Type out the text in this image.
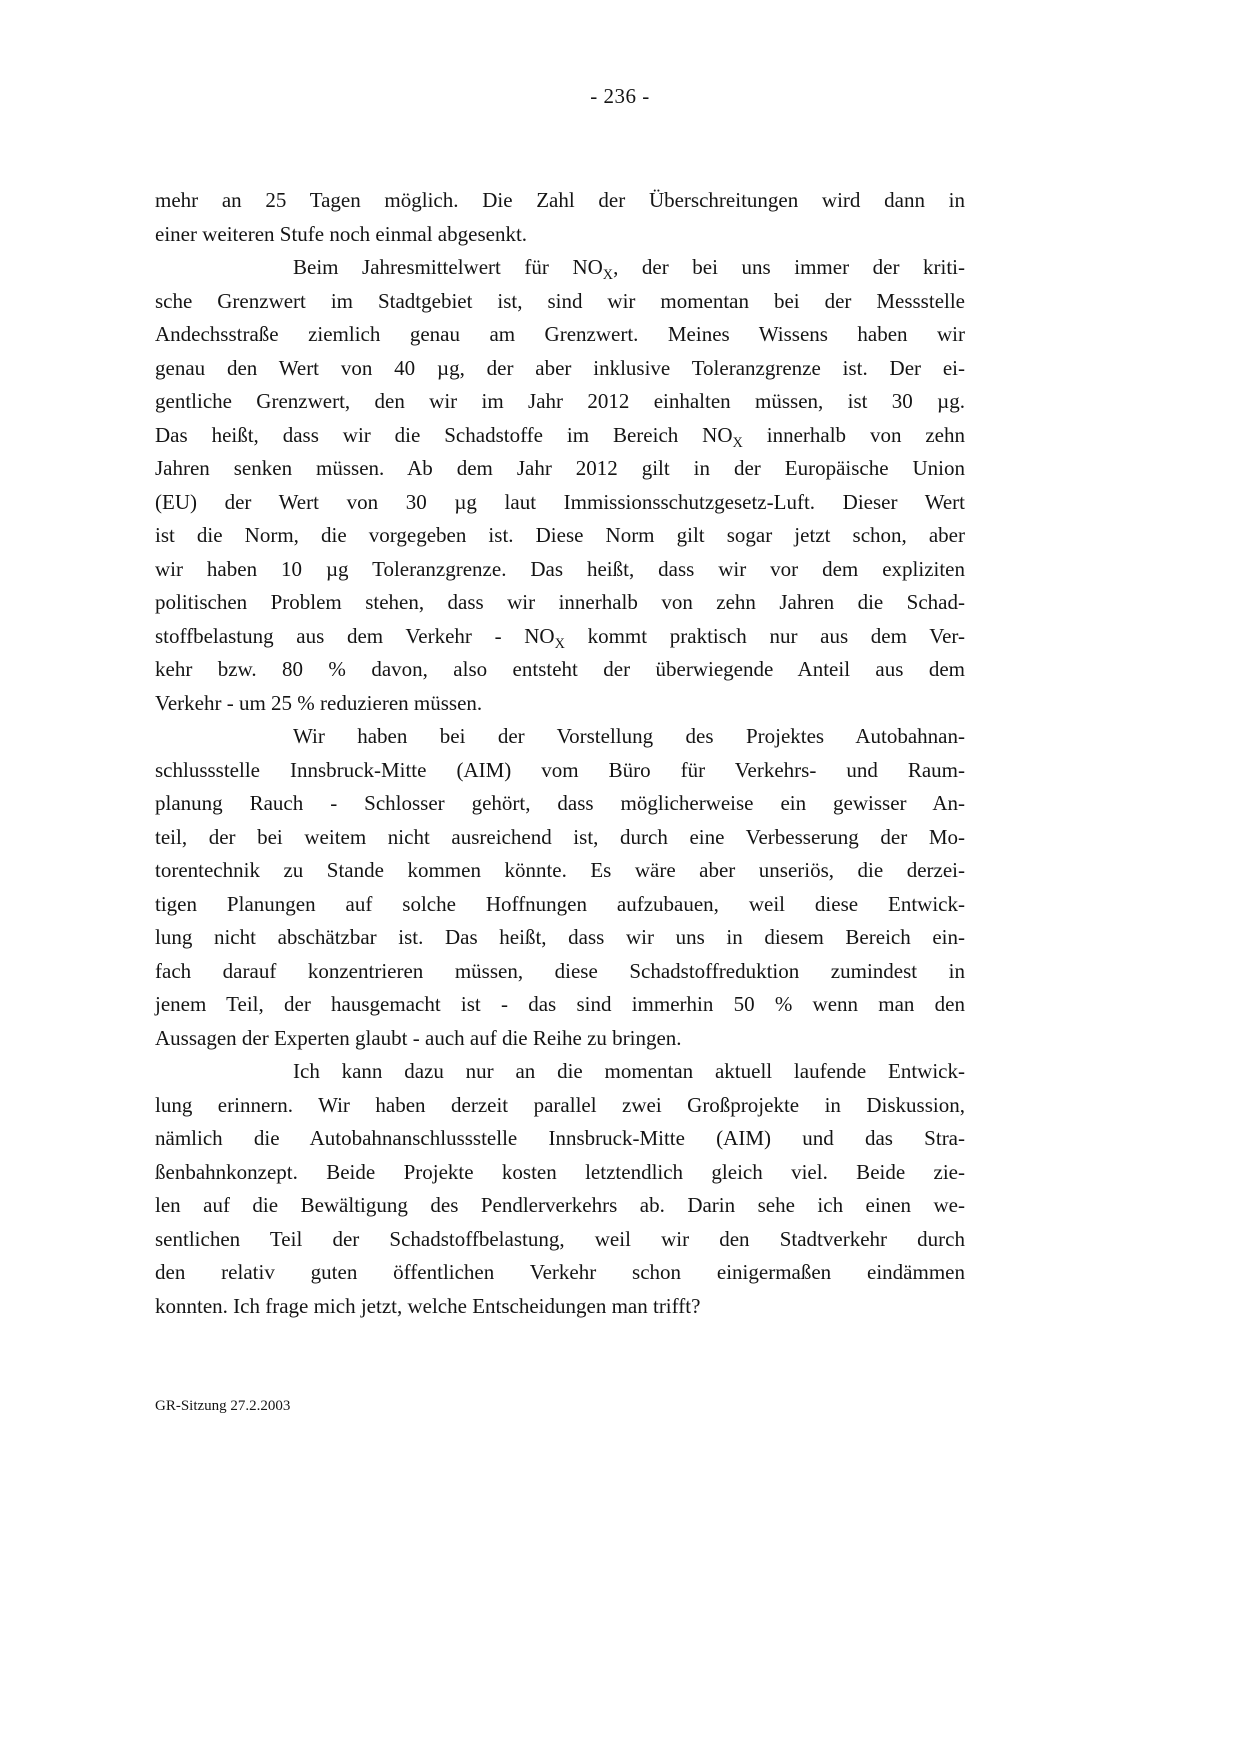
- 236 -
mehr an 25 Tagen möglich. Die Zahl der Überschreitungen wird dann in
einer weiteren Stufe noch einmal abgesenkt.
Beim Jahresmittelwert für $NO_X$, der bei uns immer der kriti-
sche Grenzwert im Stadtgebiet ist, sind wir momentan bei der Messstelle
Andechsstraße ziemlich genau am Grenzwert. Meines Wissens haben wir
genau den Wert von 40 µg, der aber inklusive Toleranzgrenze ist. Der ei-
gentliche Grenzwert, den wir im Jahr 2012 einhalten müssen, ist 30 µg.
Das heißt, dass wir die Schadstoffe im Bereich $NO_X$ innerhalb von zehn
Jahren senken müssen. Ab dem Jahr 2012 gilt in der Europäische Union
(EU) der Wert von 30 µg laut Immissionsschutzgesetz-Luft. Dieser Wert
ist die Norm, die vorgegeben ist. Diese Norm gilt sogar jetzt schon, aber
wir haben 10 µg Toleranzgrenze. Das heißt, dass wir vor dem expliziten
politischen Problem stehen, dass wir innerhalb von zehn Jahren die Schad-
stoffbelastung aus dem Verkehr - $NO_X$ kommt praktisch nur aus dem Ver-
kehr bzw. 80 % davon, also entsteht der überwiegende Anteil aus dem
Verkehr - um 25 % reduzieren müssen.
Wir haben bei der Vorstellung des Projektes Autobahnan-
schlussstelle Innsbruck-Mitte (AIM) vom Büro für Verkehrs- und Raum-
planung Rauch - Schlosser gehört, dass möglicherweise ein gewisser An-
teil, der bei weitem nicht ausreichend ist, durch eine Verbesserung der Mo-
torentechnik zu Stande kommen könnte. Es wäre aber unseriös, die derzei-
tigen Planungen auf solche Hoffnungen aufzubauen, weil diese Entwick-
lung nicht abschätzbar ist. Das heißt, dass wir uns in diesem Bereich ein-
fach darauf konzentrieren müssen, diese Schadstoffreduktion zumindest in
jenem Teil, der hausgemacht ist - das sind immerhin 50 % wenn man den
Aussagen der Experten glaubt - auch auf die Reihe zu bringen.
Ich kann dazu nur an die momentan aktuell laufende Entwick-
lung erinnern. Wir haben derzeit parallel zwei Großprojekte in Diskussion,
nämlich die Autobahnanschlussstelle Innsbruck-Mitte (AIM) und das Stra-
ßenbahnkonzept. Beide Projekte kosten letztendlich gleich viel. Beide zie-
len auf die Bewältigung des Pendlerverkehrs ab. Darin sehe ich einen we-
sentlichen Teil der Schadstoffbelastung, weil wir den Stadtverkehr durch
den relativ guten öffentlichen Verkehr schon einigermaßen eindämmen
konnten. Ich frage mich jetzt, welche Entscheidungen man trifft?
GR-Sitzung 27.2.2003
